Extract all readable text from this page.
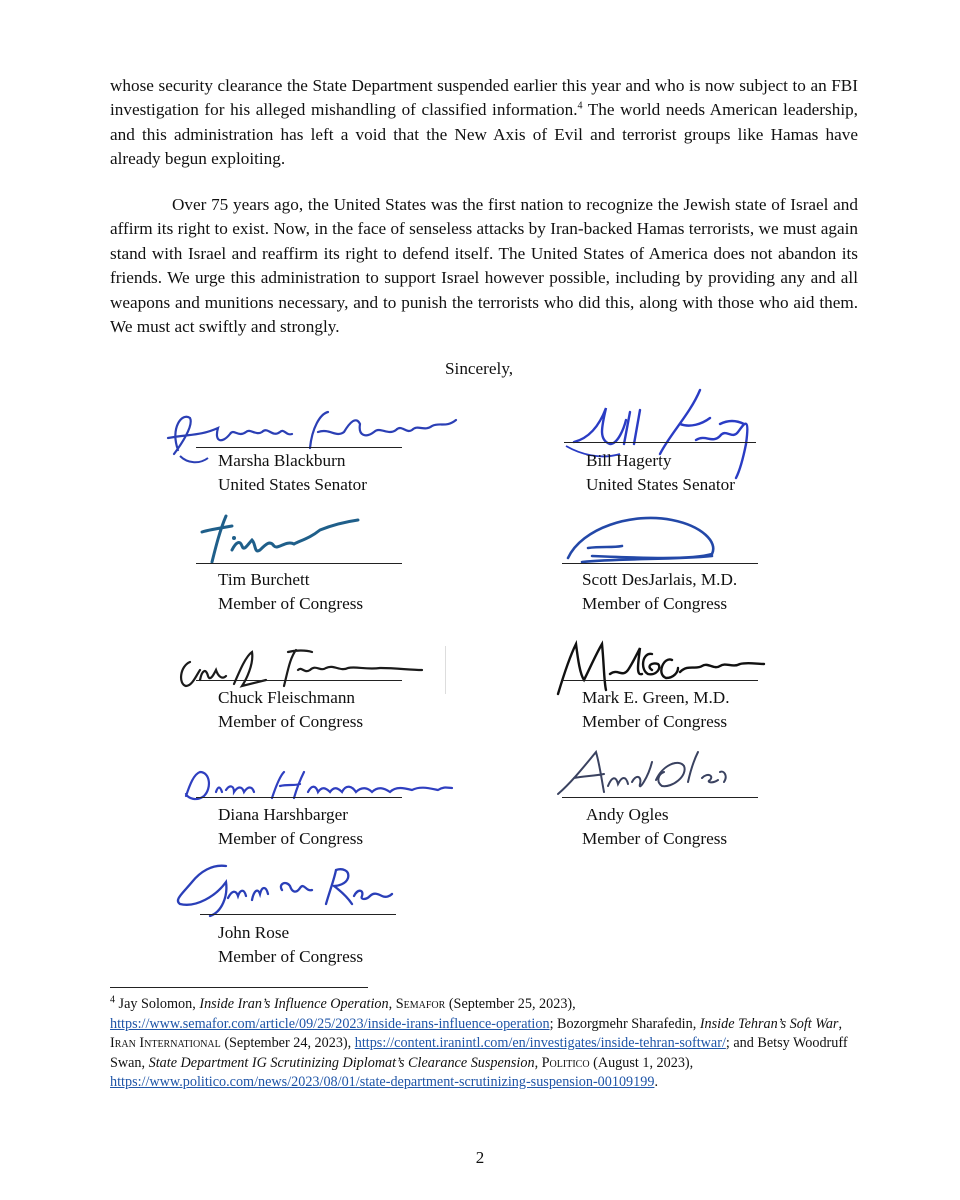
whose security clearance the State Department suspended earlier this year and who is now subject to an FBI investigation for his alleged mishandling of classified information.$^4$ The world needs American leadership, and this administration has left a void that the New Axis of Evil and terrorist groups like Hamas have already begun exploiting.

Over 75 years ago, the United States was the first nation to recognize the Jewish state of Israel and affirm its right to exist. Now, in the face of senseless attacks by Iran-backed Hamas terrorists, we must again stand with Israel and reaffirm its right to defend itself. The United States of America does not abandon its friends. We urge this administration to support Israel however possible, including by providing any and all weapons and munitions necessary, and to punish the terrorists who did this, along with those who aid them. We must act swiftly and strongly.

Sincerely,
Marsha Blackburn
United States Senator
Bill Hagerty
United States Senator
Tim Burchett
Member of Congress
Scott DesJarlais, M.D.
Member of Congress
Chuck Fleischmann
Member of Congress
Mark E. Green, M.D.
Member of Congress
Diana Harshbarger
Member of Congress
Andy Ogles
Member of Congress
John Rose
Member of Congress

$^4$ Jay Solomon, Inside Iran’s Influence Operation, Semafor (September 25, 2023), https://www.semafor.com/article/09/25/2023/inside-irans-influence-operation; Bozorgmehr Sharafedin, Inside Tehran’s Soft War, Iran International (September 24, 2023), https://content.iranintl.com/en/investigates/inside-tehran-softwar/; and Betsy Woodruff Swan, State Department IG Scrutinizing Diplomat’s Clearance Suspension, Politico (August 1, 2023), https://www.politico.com/news/2023/08/01/state-department-scrutinizing-suspension-00109199.

2
